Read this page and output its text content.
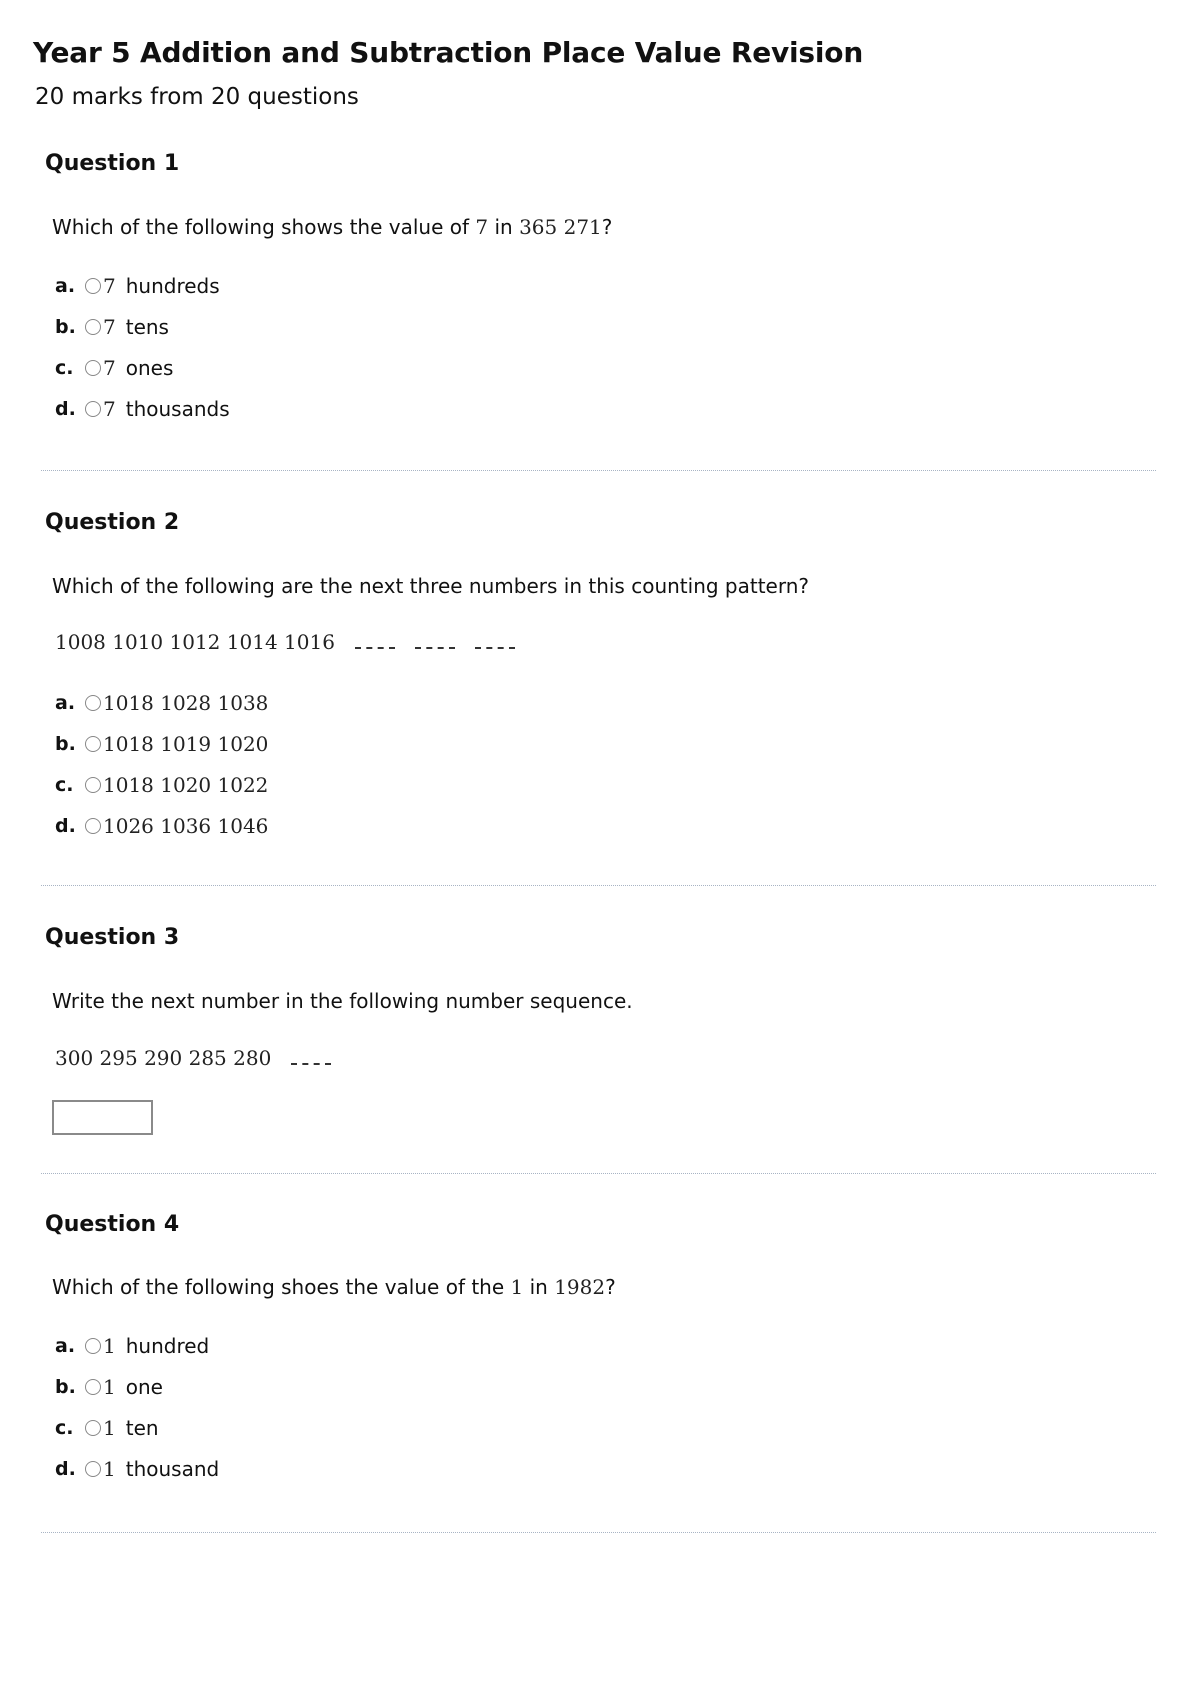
Year 5 Addition and Subtraction Place Value Revision
20 marks from 20 questions
Question 1
Which of the following shows the value of 7 in 365 271?
a.	7 hundreds
b.	7 tens
c.	7 ones
d.	7 thousands
Question 2
Which of the following are the next three numbers in this counting pattern?
1008 1010 1012 1014 1016
a.	1018 1028 1038
b.	1018 1019 1020
c.	1018 1020 1022
d.	1026 1036 1046
Question 3
Write the next number in the following number sequence.
300 295 290 285 280
Question 4
Which of the following shoes the value of the 1 in 1982?
a.	1 hundred
b.	1 one
c.	1 ten
d.	1 thousand
